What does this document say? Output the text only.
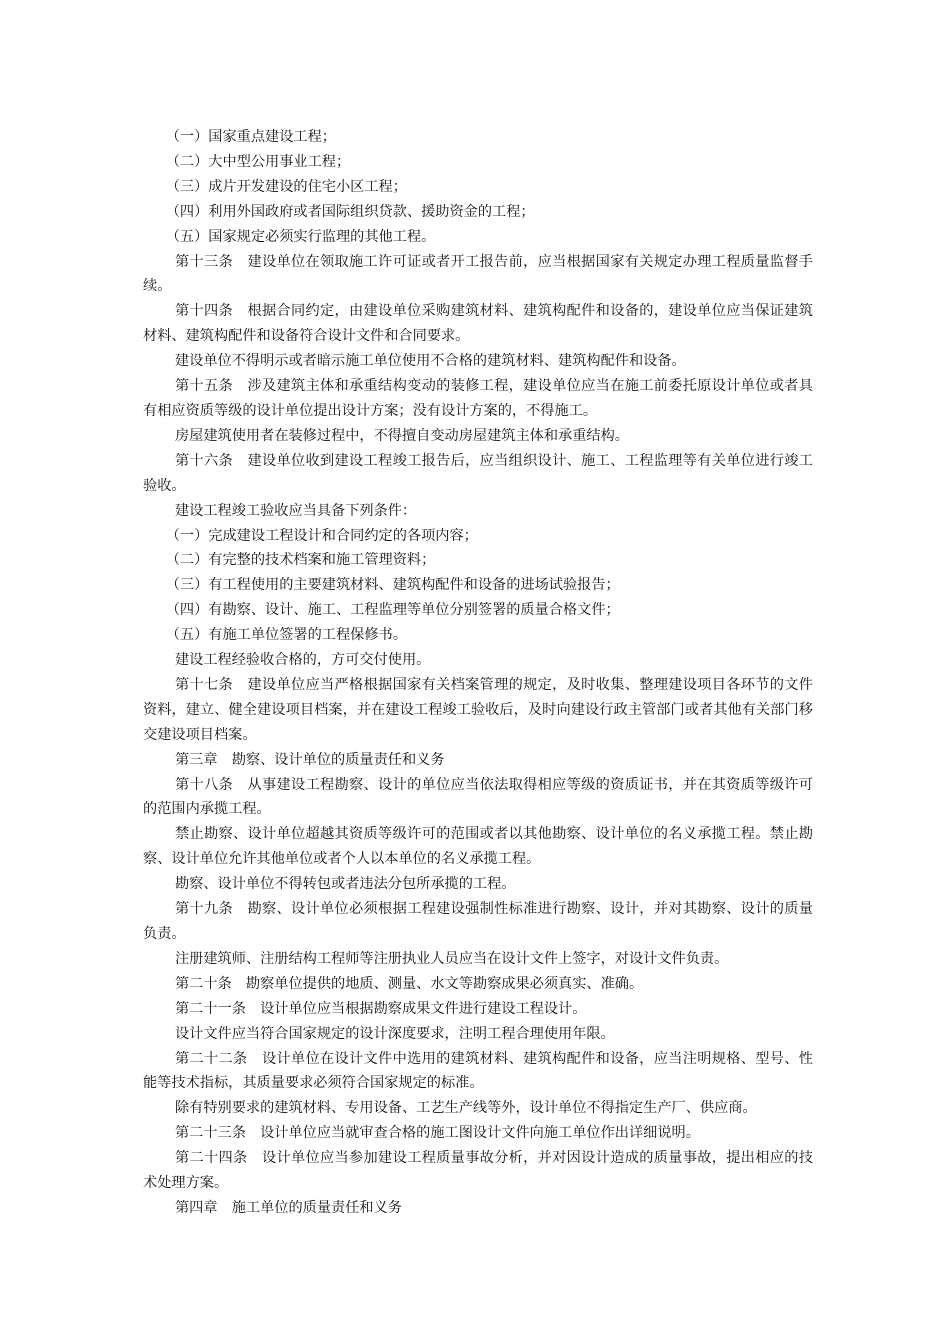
（一）国家重点建设工程；

（二）大中型公用事业工程；

（三）成片开发建设的住宅小区工程；

（四）利用外国政府或者国际组织贷款、援助资金的工程；

（五）国家规定必须实行监理的其他工程。

第十三条　建设单位在领取施工许可证或者开工报告前，应当根据国家有关规定办理工程质量监督手续。

第十四条　根据合同约定，由建设单位采购建筑材料、建筑构配件和设备的，建设单位应当保证建筑材料、建筑构配件和设备符合设计文件和合同要求。

建设单位不得明示或者暗示施工单位使用不合格的建筑材料、建筑构配件和设备。

第十五条　涉及建筑主体和承重结构变动的装修工程，建设单位应当在施工前委托原设计单位或者具有相应资质等级的设计单位提出设计方案；没有设计方案的，不得施工。

房屋建筑使用者在装修过程中，不得擅自变动房屋建筑主体和承重结构。

第十六条　建设单位收到建设工程竣工报告后，应当组织设计、施工、工程监理等有关单位进行竣工验收。

建设工程竣工验收应当具备下列条件：

（一）完成建设工程设计和合同约定的各项内容；

（二）有完整的技术档案和施工管理资料；

（三）有工程使用的主要建筑材料、建筑构配件和设备的进场试验报告；

（四）有勘察、设计、施工、工程监理等单位分别签署的质量合格文件；

（五）有施工单位签署的工程保修书。

建设工程经验收合格的，方可交付使用。

第十七条　建设单位应当严格根据国家有关档案管理的规定，及时收集、整理建设项目各环节的文件资料，建立、健全建设项目档案，并在建设工程竣工验收后，及时向建设行政主管部门或者其他有关部门移交建设项目档案。

第三章　勘察、设计单位的质量责任和义务

第十八条　从事建设工程勘察、设计的单位应当依法取得相应等级的资质证书，并在其资质等级许可的范围内承揽工程。

禁止勘察、设计单位超越其资质等级许可的范围或者以其他勘察、设计单位的名义承揽工程。禁止勘察、设计单位允许其他单位或者个人以本单位的名义承揽工程。

勘察、设计单位不得转包或者违法分包所承揽的工程。

第十九条　勘察、设计单位必须根据工程建设强制性标准进行勘察、设计，并对其勘察、设计的质量负责。

注册建筑师、注册结构工程师等注册执业人员应当在设计文件上签字，对设计文件负责。

第二十条　勘察单位提供的地质、测量、水文等勘察成果必须真实、准确。

第二十一条　设计单位应当根据勘察成果文件进行建设工程设计。

设计文件应当符合国家规定的设计深度要求，注明工程合理使用年限。

第二十二条　设计单位在设计文件中选用的建筑材料、建筑构配件和设备，应当注明规格、型号、性能等技术指标，其质量要求必须符合国家规定的标准。

除有特别要求的建筑材料、专用设备、工艺生产线等外，设计单位不得指定生产厂、供应商。

第二十三条　设计单位应当就审查合格的施工图设计文件向施工单位作出详细说明。

第二十四条　设计单位应当参加建设工程质量事故分析，并对因设计造成的质量事故，提出相应的技术处理方案。

第四章　施工单位的质量责任和义务
